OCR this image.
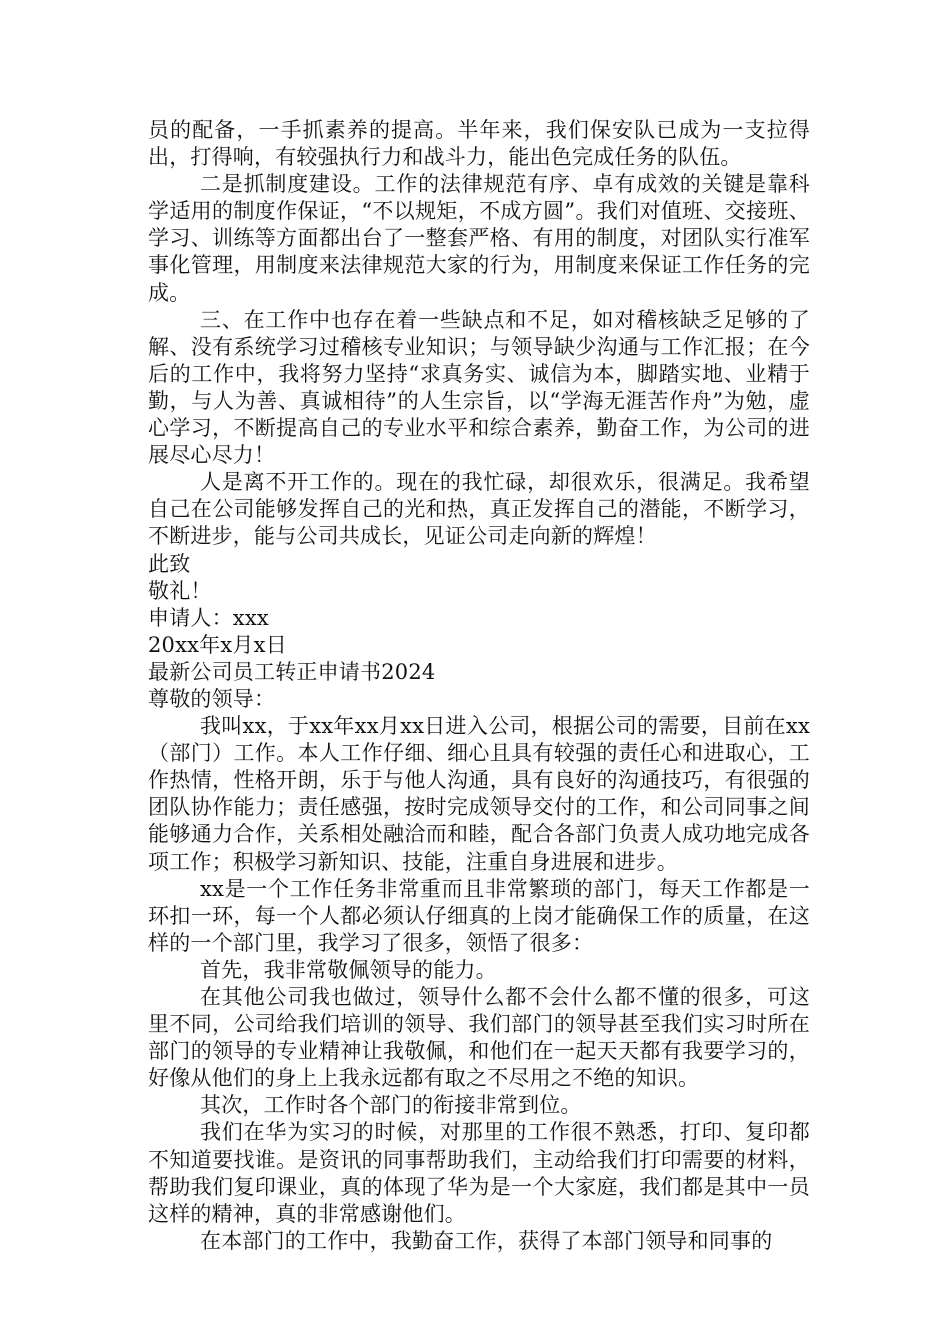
员的配备，一手抓素养的提高。半年来，我们保安队已成为一支拉得出，打得响，有较强执行力和战斗力，能出色完成任务的队伍。

二是抓制度建设。工作的法律规范有序、卓有成效的关键是靠科学适用的制度作保证，“不以规矩，不成方圆”。我们对值班、交接班、学习、训练等方面都出台了一整套严格、有用的制度，对团队实行准军事化管理，用制度来法律规范大家的行为，用制度来保证工作任务的完成。

三、在工作中也存在着一些缺点和不足，如对稽核缺乏足够的了解、没有系统学习过稽核专业知识；与领导缺少沟通与工作汇报；在今后的工作中，我将努力坚持“求真务实、诚信为本，脚踏实地、业精于勤，与人为善、真诚相待”的人生宗旨，以“学海无涯苦作舟”为勉，虚心学习，不断提高自己的专业水平和综合素养，勤奋工作，为公司的进展尽心尽力！

人是离不开工作的。现在的我忙碌，却很欢乐，很满足。我希望自己在公司能够发挥自己的光和热，真正发挥自己的潜能，不断学习，不断进步，能与公司共成长，见证公司走向新的辉煌！

此致

敬礼！

申请人：xxx

20xx年x月x日

最新公司员工转正申请书2024

尊敬的领导：

我叫xx，于xx年xx月xx日进入公司，根据公司的需要，目前在xx（部门）工作。本人工作仔细、细心且具有较强的责任心和进取心，工作热情，性格开朗，乐于与他人沟通，具有良好的沟通技巧，有很强的团队协作能力；责任感强，按时完成领导交付的工作，和公司同事之间能够通力合作，关系相处融洽而和睦，配合各部门负责人成功地完成各项工作；积极学习新知识、技能，注重自身进展和进步。

xx是一个工作任务非常重而且非常繁琐的部门，每天工作都是一环扣一环，每一个人都必须认仔细真的上岗才能确保工作的质量，在这样的一个部门里，我学习了很多，领悟了很多：

首先，我非常敬佩领导的能力。

在其他公司我也做过，领导什么都不会什么都不懂的很多，可这里不同，公司给我们培训的领导、我们部门的领导甚至我们实习时所在部门的领导的专业精神让我敬佩，和他们在一起天天都有我要学习的，好像从他们的身上上我永远都有取之不尽用之不绝的知识。

其次，工作时各个部门的衔接非常到位。

我们在华为实习的时候，对那里的工作很不熟悉，打印、复印都不知道要找谁。是资讯的同事帮助我们，主动给我们打印需要的材料，帮助我们复印课业，真的体现了华为是一个大家庭，我们都是其中一员这样的精神，真的非常感谢他们。

在本部门的工作中，我勤奋工作，获得了本部门领导和同事的
